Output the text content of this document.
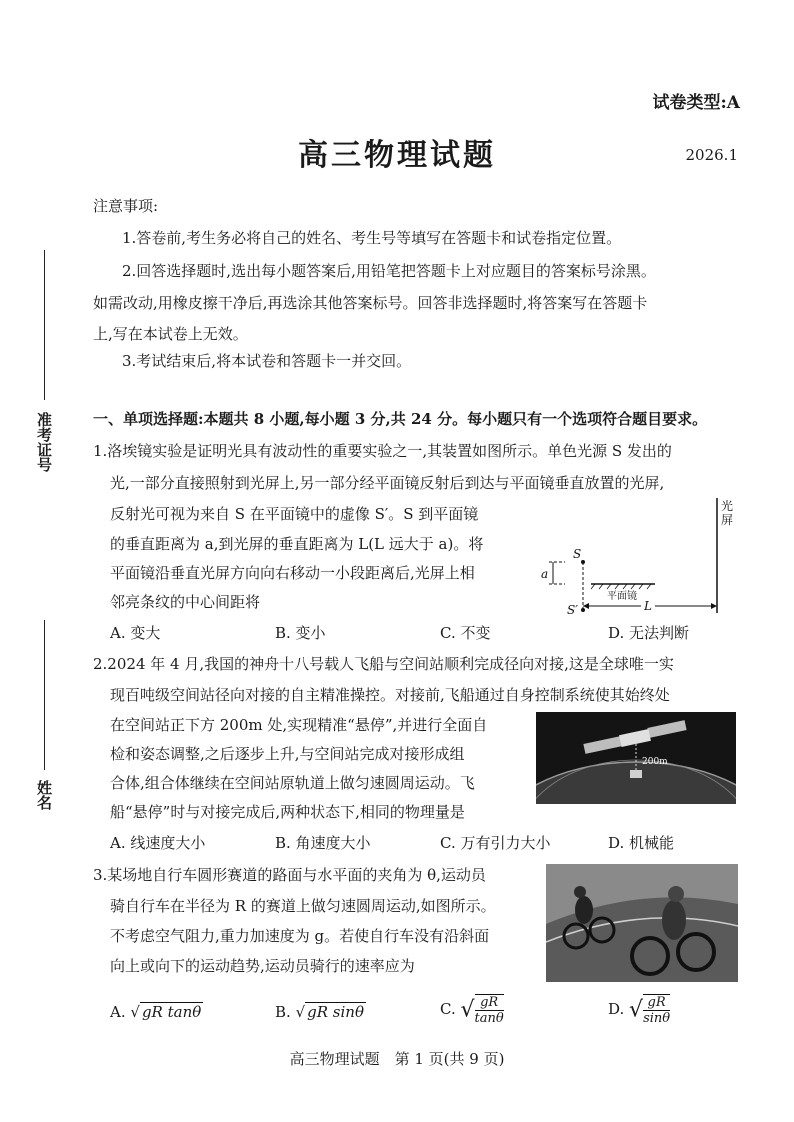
试卷类型:A
高三物理试题	2026.1
准考证号
姓名
注意事项:
1.答卷前,考生务必将自己的姓名、考生号等填写在答题卡和试卷指定位置。
2.回答选择题时,选出每小题答案后,用铅笔把答题卡上对应题目的答案标号涂黑。
如需改动,用橡皮擦干净后,再选涂其他答案标号。回答非选择题时,将答案写在答题卡
上,写在本试卷上无效。
3.考试结束后,将本试卷和答题卡一并交回。
一、单项选择题:本题共 8 小题,每小题 3 分,共 24 分。每小题只有一个选项符合题目要求。
1.洛埃镜实验是证明光具有波动性的重要实验之一,其装置如图所示。单色光源 S 发出的
光,一部分直接照射到光屏上,另一部分经平面镜反射后到达与平面镜垂直放置的光屏,
反射光可视为来自 S 在平面镜中的虚像 S′。S 到平面镜
的垂直距离为 a,到光屏的垂直距离为 L(L 远大于 a)。将
平面镜沿垂直光屏方向向右移动一小段距离后,光屏上相
邻亮条纹的中心间距将
光
屏
S
S′
a
平面镜
L
A. 变大	B. 变小	C. 不变	D. 无法判断
2.2024 年 4 月,我国的神舟十八号载人飞船与空间站顺利完成径向对接,这是全球唯一实
现百吨级空间站径向对接的自主精准操控。对接前,飞船通过自身控制系统使其始终处
在空间站正下方 200m 处,实现精准“悬停”,并进行全面自
检和姿态调整,之后逐步上升,与空间站完成对接形成组
合体,组合体继续在空间站原轨道上做匀速圆周运动。飞
船“悬停”时与对接完成后,两种状态下,相同的物理量是
200m
A. 线速度大小	B. 角速度大小	C. 万有引力大小	D. 机械能
3.某场地自行车圆形赛道的路面与水平面的夹角为 θ,运动员
骑自行车在半径为 R 的赛道上做匀速圆周运动,如图所示。
不考虑空气阻力,重力加速度为 g。若使自行车没有沿斜面
向上或向下的运动趋势,运动员骑行的速率应为
A. √ gR tanθ	B. √ gR sinθ	C. √ $\frac{gR}{\tan\theta}$	D. √ $\frac{gR}{\sin\theta}$
高三物理试题　第 1 页(共 9 页)
